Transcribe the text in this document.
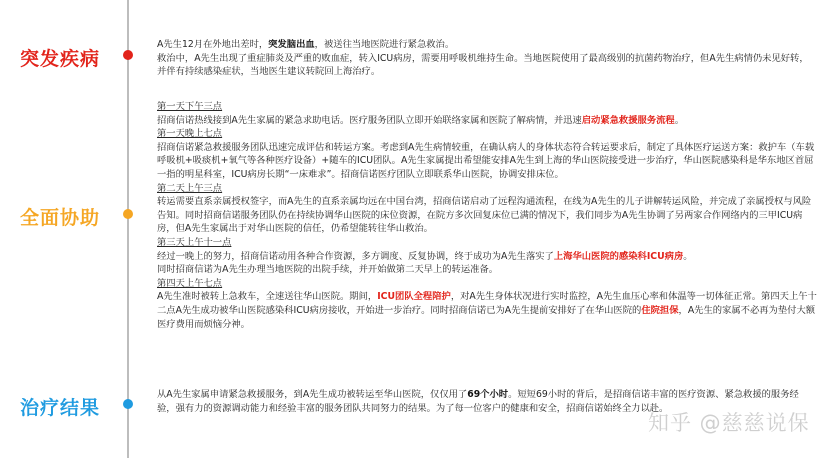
突发疾病

A先生12月在外地出差时，突发脑出血，被送往当地医院进行紧急救治。

救治中，A先生出现了重症肺炎及严重的败血症，转入ICU病房，需要用呼吸机维持生命。当地医院使用了最高级别的抗菌药物治疗，但A先生病情仍未见好转，并伴有持续感染症状，当地医生建议转院回上海治疗。

全面协助

第一天下午三点

招商信诺热线接到A先生家属的紧急求助电话。医疗服务团队立即开始联络家属和医院了解病情，并迅速启动紧急救援服务流程。

第一天晚上七点

招商信诺紧急救援服务团队迅速完成评估和转运方案。考虑到A先生病情较重，在确认病人的身体状态符合转运要求后，制定了具体医疗运送方案：救护车（车载呼吸机+吸痰机+氧气等各种医疗设备）+随车的ICU团队。A先生家属提出希望能安排A先生到上海的华山医院接受进一步治疗，华山医院感染科是华东地区首屈一指的明星科室，ICU病房长期“一床难求”。招商信诺医疗团队立即联系华山医院，协调安排床位。

第二天上午三点

转运需要直系亲属授权签字，而A先生的直系亲属均远在中国台湾，招商信诺启动了远程沟通流程，在线为A先生的儿子讲解转运风险，并完成了亲属授权与风险告知。同时招商信诺服务团队仍在持续协调华山医院的床位资源，在院方多次回复床位已满的情况下，我们同步为A先生协调了另两家合作网络内的三甲ICU病房，但A先生家属出于对华山医院的信任，仍希望能转往华山救治。

第三天上午十一点

经过一晚上的努力，招商信诺动用各种合作资源，多方调度、反复协调，终于成功为A先生落实了上海华山医院的感染科ICU病房。

同时招商信诺为A先生办理当地医院的出院手续，并开始做第二天早上的转运准备。

第四天上午七点

A先生准时被转上急救车，全速送往华山医院。期间，ICU团队全程陪护，对A先生身体状况进行实时监控，A先生血压心率和体温等一切体征正常。第四天上午十二点A先生成功被华山医院感染科ICU病房接收，开始进一步治疗。同时招商信诺已为A先生提前安排好了在华山医院的住院担保，A先生的家属不必再为垫付大额医疗费用而烦恼分神。

治疗结果

从A先生家属申请紧急救援服务，到A先生成功被转运至华山医院，仅仅用了69个小时。短短69小时的背后，是招商信诺丰富的医疗资源、紧急救援的服务经验，强有力的资源调动能力和经验丰富的服务团队共同努力的结果。为了每一位客户的健康和安全，招商信诺始终全力以赴。

知乎 @慈慈说保
